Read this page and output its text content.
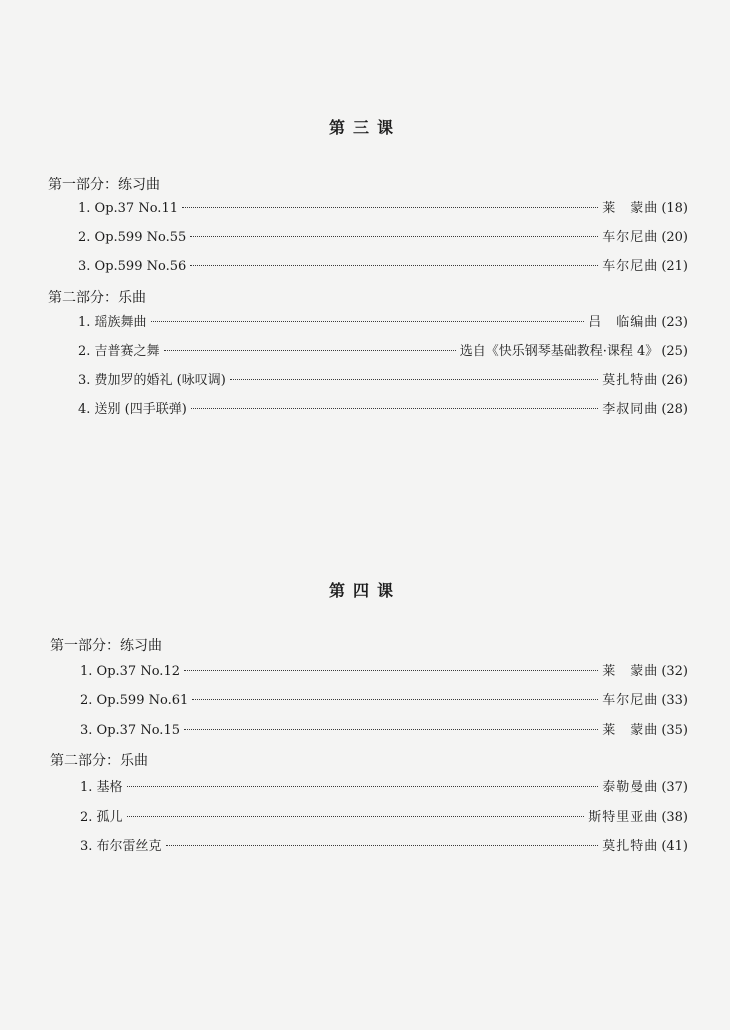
第三课
第一部分：练习曲
1. Op.37 No.11	莱　蒙曲 (18)
2. Op.599 No.55	车尔尼曲 (20)
3. Op.599 No.56	车尔尼曲 (21)
第二部分：乐曲
1. 瑶族舞曲	吕　临编曲 (23)
2. 吉普赛之舞	选自《快乐钢琴基础教程·课程 4》 (25)
3. 费加罗的婚礼 (咏叹调)	莫扎特曲 (26)
4. 送别 (四手联弹)	李叔同曲 (28)
第四课
第一部分：练习曲
1. Op.37 No.12	莱　蒙曲 (32)
2. Op.599 No.61	车尔尼曲 (33)
3. Op.37 No.15	莱　蒙曲 (35)
第二部分：乐曲
1. 基格	泰勒曼曲 (37)
2. 孤儿	斯特里亚曲 (38)
3. 布尔雷丝克	莫扎特曲 (41)
